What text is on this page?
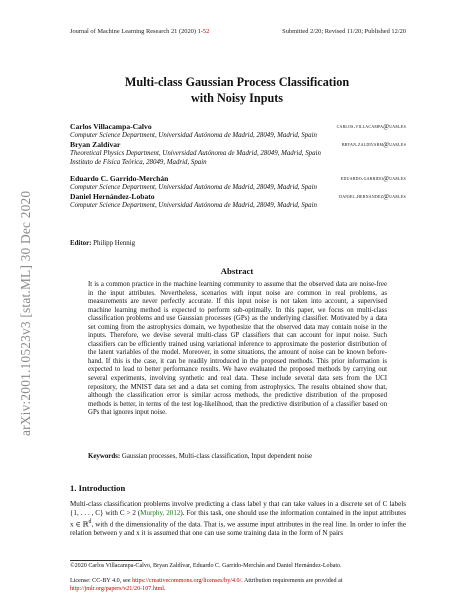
Journal of Machine Learning Research 21 (2020) 1-52	Submitted 2/20; Revised 11/20; Published 12/20
Multi-class Gaussian Process Classification
with Noisy Inputs
Carlos Villacampa-Calvo	carlos.villacampa@uam.es
Computer Science Department, Universidad Autónoma de Madrid, 28049, Madrid, Spain
Bryan Zaldívar	bryan.zaldivarm@uam.es
Theoretical Physics Department, Universidad Autónoma de Madrid, 28049, Madrid, Spain
Instituto de Física Teórica, 28049, Madrid, Spain
Eduardo C. Garrido-Merchán	eduardo.garrido@uam.es
Computer Science Department, Universidad Autónoma de Madrid, 28049, Madrid, Spain
Daniel Hernández-Lobato	daniel.hernandez@uam.es
Computer Science Department, Universidad Autónoma de Madrid, 28049, Madrid, Spain
Editor: Philipp Hennig
Abstract
It is a common practice in the machine learning community to assume that the observed data are noise-free in the input attributes. Nevertheless, scenarios with input noise are common in real problems, as measurements are never perfectly accurate. If this input noise is not taken into account, a supervised machine learning method is expected to perform sub-optimally. In this paper, we focus on multi-class classification problems and use Gaussian processes (GPs) as the underlying classifier. Motivated by a data set coming from the astrophysics domain, we hypothesize that the observed data may contain noise in the inputs. Therefore, we devise several multi-class GP classifiers that can account for input noise. Such classifiers can be efficiently trained using variational inference to approximate the posterior distribution of the latent variables of the model. Moreover, in some situations, the amount of noise can be known before-hand. If this is the case, it can be readily introduced in the proposed methods. This prior information is expected to lead to better performance results. We have evaluated the proposed methods by carrying out several experiments, involving synthetic and real data. These include several data sets from the UCI repository, the MNIST data set and a data set coming from astrophysics. The results obtained show that, although the classification error is similar across methods, the predictive distribution of the proposed methods is better, in terms of the test log-likelihood, than the predictive distribution of a classifier based on GPs that ignores input noise.
Keywords: Gaussian processes, Multi-class classification, Input dependent noise
1. Introduction
Multi-class classification problems involve predicting a class label y that can take values in a discrete set of C labels {1, . . . , C} with C > 2 (Murphy, 2012). For this task, one should use the information contained in the input attributes x ∈ ℝ$^d$, with d the dimensionality of the data. That is, we assume input attributes in the real line. In order to infer the relation between y and x it is assumed that one can use some training data in the form of N pairs
©2020 Carlos Villacampa-Calvo, Bryan Zaldívar, Eduardo C. Garrido-Merchán and Daniel Hernández-Lobato.
License: CC-BY 4.0, see https://creativecommons.org/licenses/by/4.0/. Attribution requirements are provided at http://jmlr.org/papers/v21/20-107.html.
arXiv:2001.10523v3 [stat.ML] 30 Dec 2020
